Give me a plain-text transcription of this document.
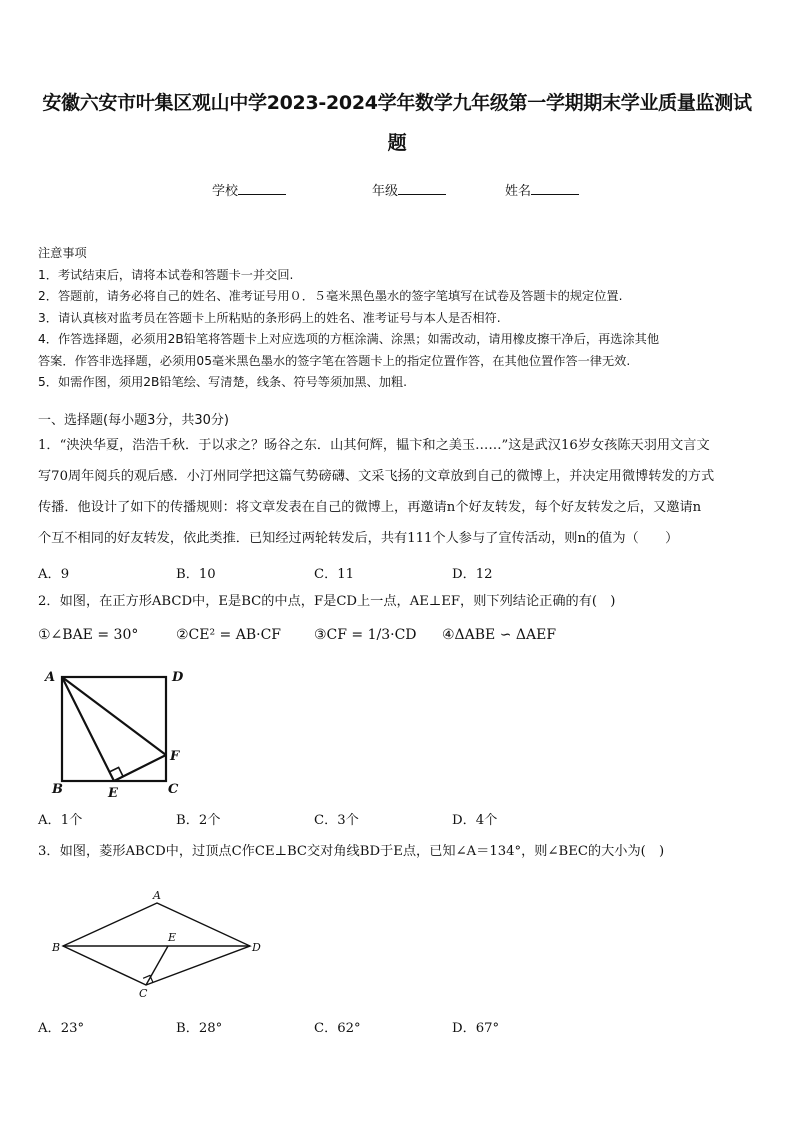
安徽六安市叶集区观山中学2023-2024学年数学九年级第一学期期末学业质量监测试
题
学校	年级	姓名
注意事项
1．考试结束后，请将本试卷和答题卡一并交回.
2．答题前，请务必将自己的姓名、准考证号用０．５毫米黑色墨水的签字笔填写在试卷及答题卡的规定位置.
3．请认真核对监考员在答题卡上所粘贴的条形码上的姓名、准考证号与本人是否相符.
4．作答选择题，必须用2B铅笔将答题卡上对应选项的方框涂满、涂黑；如需改动，请用橡皮擦干净后，再选涂其他
答案．作答非选择题，必须用05毫米黑色墨水的签字笔在答题卡上的指定位置作答，在其他位置作答一律无效.
5．如需作图，须用2B铅笔绘、写清楚，线条、符号等须加黑、加粗.
一、选择题(每小题3分，共30分)
1．“泱泱华夏，浩浩千秋．于以求之？旸谷之东．山其何辉，韫卞和之美玉……”这是武汉16岁女孩陈天羽用文言文
写70周年阅兵的观后感．小汀州同学把这篇气势磅礴、文采飞扬的文章放到自己的微博上，并决定用微博转发的方式
传播．他设计了如下的传播规则：将文章发表在自己的微博上，再邀请n个好友转发，每个好友转发之后，又邀请n
个互不相同的好友转发，依此类推．已知经过两轮转发后，共有111个人参与了宣传活动，则n的值为（　　）
A．9	B．10	C．11	D．12
2．如图，在正方形ABCD中，E是BC的中点，F是CD上一点，AE⊥EF，则下列结论正确的有(　)
①∠BAE = 30°	②CE² = AB·CF ③CF = 1/3·CD ④ΔABE ∽ ΔAEF
A	D
B	E	C
F
A
B	D
E
C
A．1个	B．2个	C．3个	D．4个
3．如图，菱形ABCD中，过顶点C作CE⊥BC交对角线BD于E点，已知∠A＝134°，则∠BEC的大小为(　)
A．23°	B．28°	C．62°	D．67°
